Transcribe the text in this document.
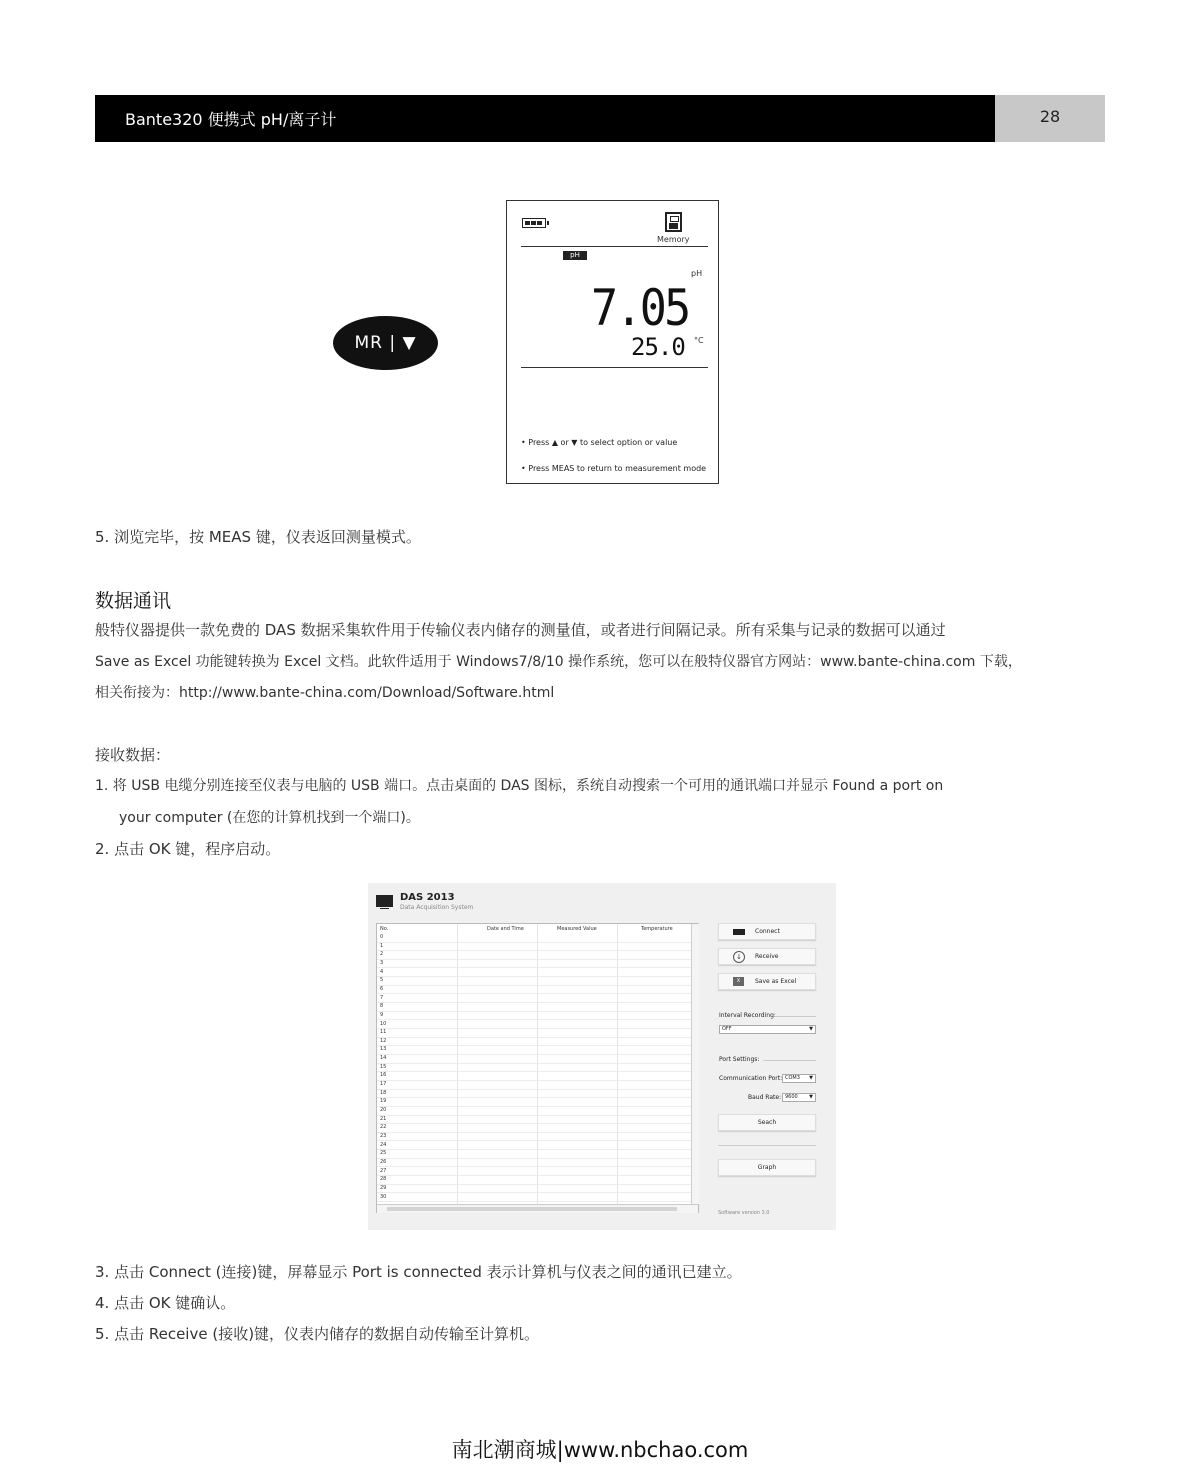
Bante320 便携式 pH/离子计	28
MR | ▼
Memory
pH
pH
7.05
25.0 °C
• Press ▲ or ▼ to select option or value
• Press MEAS to return to measurement mode
5. 浏览完毕，按 MEAS 键，仪表返回测量模式。
数据通讯
般特仪器提供一款免费的 DAS 数据采集软件用于传输仪表内储存的测量值，或者进行间隔记录。所有采集与记录的数据可以通过
Save as Excel 功能键转换为 Excel 文档。此软件适用于 Windows7/8/10 操作系统，您可以在般特仪器官方网站：www.bante-china.com 下载，
相关衔接为：http://www.bante-china.com/Download/Software.html
接收数据：
1. 将 USB 电缆分别连接至仪表与电脑的 USB 端口。点击桌面的 DAS 图标，系统自动搜索一个可用的通讯端口并显示 Found a port on
your computer (在您的计算机找到一个端口)。
2. 点击 OK 键，程序启动。
DAS 2013
Data Acquisition System
No.	Date and Time	Measured Value	Temperature
0
1
2
3
4
5
6
7
8
9
10
11
12
13
14
15
16
17
18
19
20
21
22
23
24
25
26
27
28
29
30
Connect
↓	Receive
X	Save as Excel
Interval Recording:
OFF	▼
Port Settings:
Communication Port: COM3 ▼
Baud Rate: 9600 ▼
Seach
Graph
Software version 3.0
3. 点击 Connect (连接)键，屏幕显示 Port is connected 表示计算机与仪表之间的通讯已建立。
4. 点击 OK 键确认。
5. 点击 Receive (接收)键，仪表内储存的数据自动传输至计算机。
南北潮商城|www.nbchao.com
